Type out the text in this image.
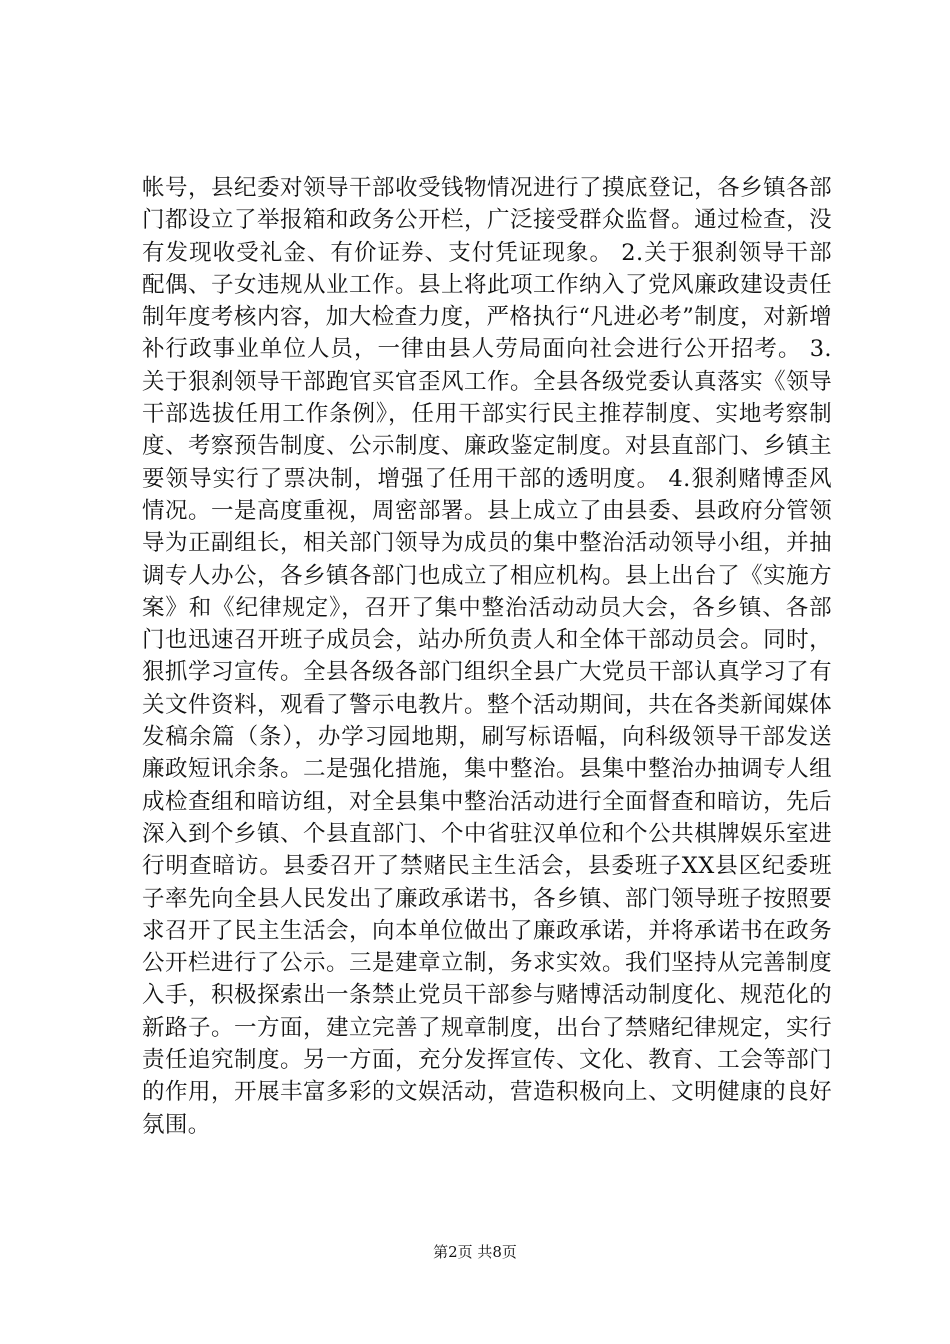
帐号，县纪委对领导干部收受钱物情况进行了摸底登记，各乡镇各部门都设立了举报箱和政务公开栏，广泛接受群众监督。通过检查，没有发现收受礼金、有价证券、支付凭证现象。 2.关于狠刹领导干部配偶、子女违规从业工作。县上将此项工作纳入了党风廉政建设责任制年度考核内容，加大检查力度，严格执行“凡进必考”制度，对新增补行政事业单位人员，一律由县人劳局面向社会进行公开招考。 3.关于狠刹领导干部跑官买官歪风工作。全县各级党委认真落实《领导干部选拔任用工作条例》，任用干部实行民主推荐制度、实地考察制度、考察预告制度、公示制度、廉政鉴定制度。对县直部门、乡镇主要领导实行了票决制，增强了任用干部的透明度。 4.狠刹赌博歪风情况。一是高度重视，周密部署。县上成立了由县委、县政府分管领导为正副组长，相关部门领导为成员的集中整治活动领导小组，并抽调专人办公，各乡镇各部门也成立了相应机构。县上出台了《实施方案》和《纪律规定》，召开了集中整治活动动员大会，各乡镇、各部门也迅速召开班子成员会，站办所负责人和全体干部动员会。同时，狠抓学习宣传。全县各级各部门组织全县广大党员干部认真学习了有关文件资料，观看了警示电教片。整个活动期间，共在各类新闻媒体发稿余篇（条），办学习园地期，刷写标语幅，向科级领导干部发送廉政短讯余条。二是强化措施，集中整治。县集中整治办抽调专人组成检查组和暗访组，对全县集中整治活动进行全面督查和暗访，先后深入到个乡镇、个县直部门、个中省驻汉单位和个公共棋牌娱乐室进行明查暗访。县委召开了禁赌民主生活会，县委班子XX县区纪委班子率先向全县人民发出了廉政承诺书，各乡镇、部门领导班子按照要求召开了民主生活会，向本单位做出了廉政承诺，并将承诺书在政务公开栏进行了公示。三是建章立制，务求实效。我们坚持从完善制度入手，积极探索出一条禁止党员干部参与赌博活动制度化、规范化的新路子。一方面，建立完善了规章制度，出台了禁赌纪律规定，实行责任追究制度。另一方面，充分发挥宣传、文化、教育、工会等部门的作用，开展丰富多彩的文娱活动，营造积极向上、文明健康的良好氛围。

第2页 共8页
